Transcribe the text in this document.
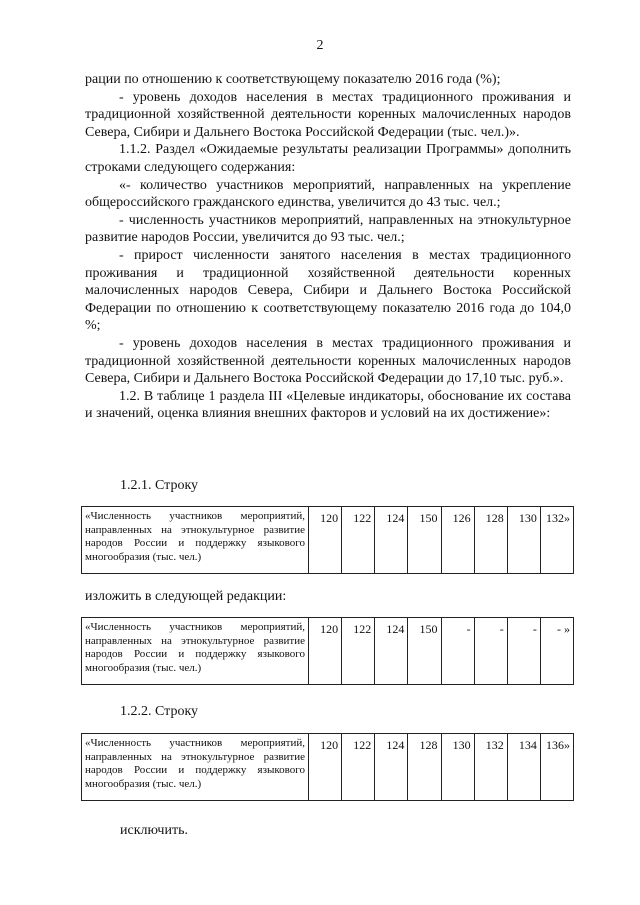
2

рации по отношению к соответствующему показателю 2016 года (%);

- уровень доходов населения в местах традиционного проживания и традиционной хозяйственной деятельности коренных малочисленных народов Севера, Сибири и Дальнего Востока Российской Федерации (тыс. чел.)».

1.1.2. Раздел «Ожидаемые результаты реализации Программы» дополнить строками следующего содержания:

«- количество участников мероприятий, направленных на укрепление общероссийского гражданского единства, увеличится до 43 тыс. чел.;

- численность участников мероприятий, направленных на этнокультурное развитие народов России, увеличится до 93 тыс. чел.;

- прирост численности занятого населения в местах традиционного проживания и традиционной хозяйственной деятельности коренных малочисленных народов Севера, Сибири и Дальнего Востока Российской Федерации по отношению к соответствующему показателю 2016 года до 104,0 %;

- уровень доходов населения в местах традиционного проживания и традиционной хозяйственной деятельности коренных малочисленных народов Севера, Сибири и Дальнего Востока Российской Федерации до 17,10 тыс. руб.».

1.2. В таблице 1 раздела III «Целевые индикаторы, обоснование их состава и значений, оценка влияния внешних факторов и условий на их достижение»:

1.2.1. Строку
«Численность участников мероприятий, направленных на этнокультурное развитие народов России и поддержку языкового многообразия (тыс. чел.)	120	122	124	150	126	128	130	132»
изложить в следующей редакции:
«Численность участников мероприятий, направленных на этнокультурное развитие народов России и поддержку языкового многообразия (тыс. чел.)	120	122	124	150	-	-	-	- »
1.2.2. Строку
«Численность участников мероприятий, направленных на этнокультурное развитие народов России и поддержку языкового многообразия (тыс. чел.)	120	122	124	128	130	132	134	136»
исключить.
